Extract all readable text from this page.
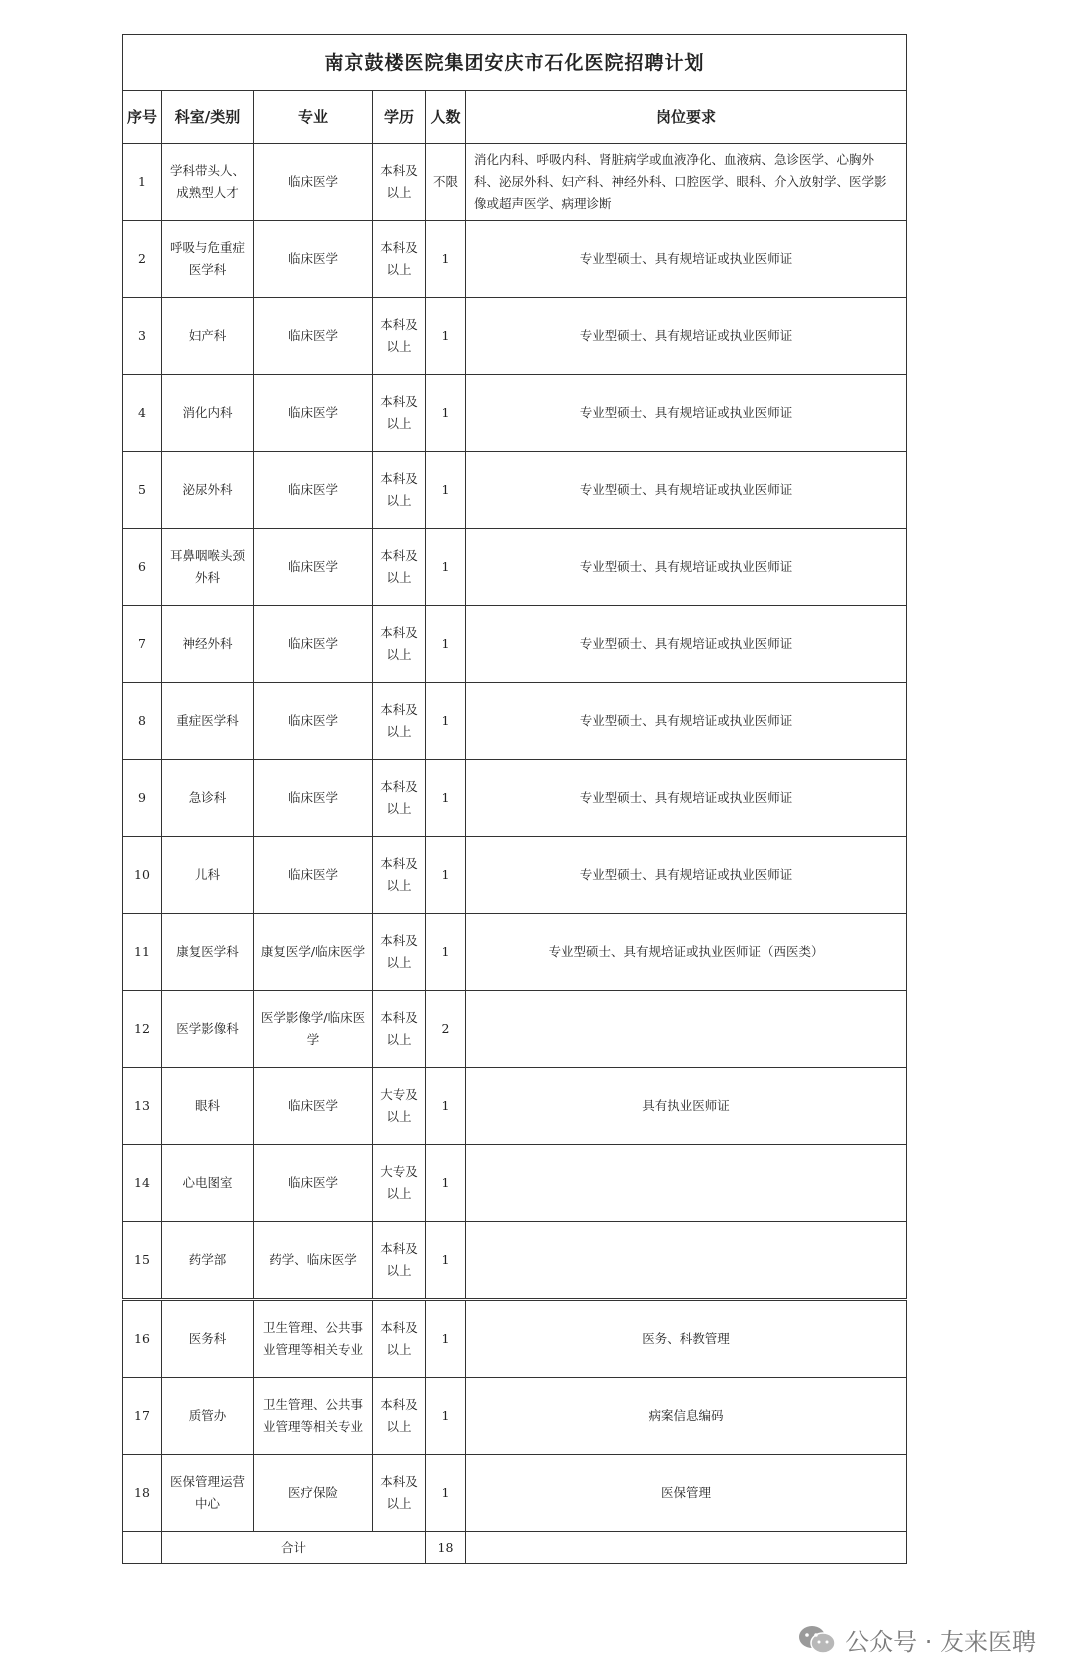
南京鼓楼医院集团安庆市石化医院招聘计划					
序号	科室/类别	专业	学历	人数	岗位要求
1	学科带头人、成熟型人才	临床医学	本科及以上	不限	消化内科、呼吸内科、肾脏病学或血液净化、血液病、急诊医学、心胸外科、泌尿外科、妇产科、神经外科、口腔医学、眼科、介入放射学、医学影像或超声医学、病理诊断
2	呼吸与危重症医学科	临床医学	本科及以上	1	专业型硕士、具有规培证或执业医师证
3	妇产科	临床医学	本科及以上	1	专业型硕士、具有规培证或执业医师证
4	消化内科	临床医学	本科及以上	1	专业型硕士、具有规培证或执业医师证
5	泌尿外科	临床医学	本科及以上	1	专业型硕士、具有规培证或执业医师证
6	耳鼻咽喉头颈外科	临床医学	本科及以上	1	专业型硕士、具有规培证或执业医师证
7	神经外科	临床医学	本科及以上	1	专业型硕士、具有规培证或执业医师证
8	重症医学科	临床医学	本科及以上	1	专业型硕士、具有规培证或执业医师证
9	急诊科	临床医学	本科及以上	1	专业型硕士、具有规培证或执业医师证
10	儿科	临床医学	本科及以上	1	专业型硕士、具有规培证或执业医师证
11	康复医学科	康复医学/临床医学	本科及以上	1	专业型硕士、具有规培证或执业医师证（西医类）
12	医学影像科	医学影像学/临床医学	本科及以上	2	
13	眼科	临床医学	大专及以上	1	具有执业医师证
14	心电图室	临床医学	大专及以上	1	
15	药学部	药学、临床医学	本科及以上	1	
16	医务科	卫生管理、公共事业管理等相关专业	本科及以上	1	医务、科教管理
17	质管办	卫生管理、公共事业管理等相关专业	本科及以上	1	病案信息编码
18	医保管理运营中心	医疗保险	本科及以上	1	医保管理
	合计			18	
公众号 · 友来医聘
